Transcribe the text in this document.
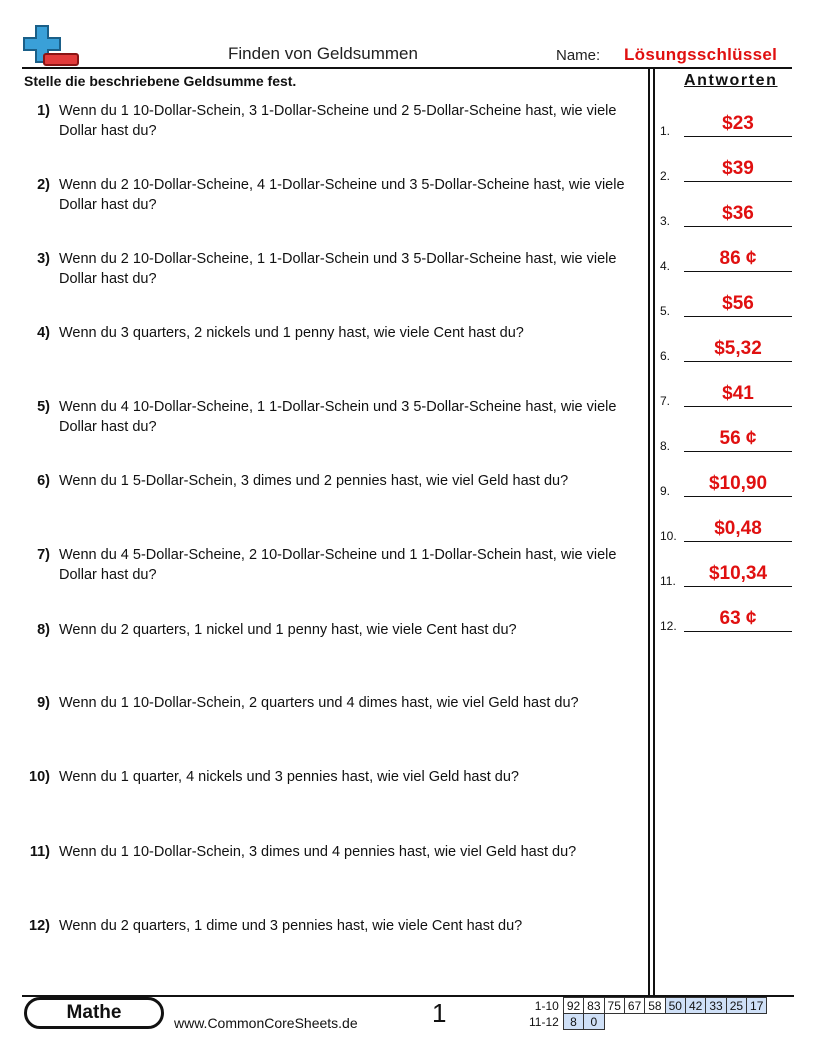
Finden von Geldsummen	Name: Lösungsschlüssel
Stelle die beschriebene Geldsumme fest.	Antworten
1) Wenn du 1 10-Dollar-Schein, 3 1-Dollar-Scheine und 2 5-Dollar-Scheine hast, wie viele Dollar hast du?
2) Wenn du 2 10-Dollar-Scheine, 4 1-Dollar-Scheine und 3 5-Dollar-Scheine hast, wie viele Dollar hast du?
3) Wenn du 2 10-Dollar-Scheine, 1 1-Dollar-Schein und 3 5-Dollar-Scheine hast, wie viele Dollar hast du?
4) Wenn du 3 quarters, 2 nickels und 1 penny hast, wie viele Cent hast du?
5) Wenn du 4 10-Dollar-Scheine, 1 1-Dollar-Schein und 3 5-Dollar-Scheine hast, wie viele Dollar hast du?
6) Wenn du 1 5-Dollar-Schein, 3 dimes und 2 pennies hast, wie viel Geld hast du?
7) Wenn du 4 5-Dollar-Scheine, 2 10-Dollar-Scheine und 1 1-Dollar-Schein hast, wie viele Dollar hast du?
8) Wenn du 2 quarters, 1 nickel und 1 penny hast, wie viele Cent hast du?
9) Wenn du 1 10-Dollar-Schein, 2 quarters und 4 dimes hast, wie viel Geld hast du?
10) Wenn du 1 quarter, 4 nickels und 3 pennies hast, wie viel Geld hast du?
11) Wenn du 1 10-Dollar-Schein, 3 dimes und 4 pennies hast, wie viel Geld hast du?
12) Wenn du 2 quarters, 1 dime und 3 pennies hast, wie viele Cent hast du?
1.	$23
2.	$39
3.	$36
4.	86 ¢
5.	$56
6.	$5,32
7.	$41
8.	56 ¢
9.	$10,90
10.	$0,48
11.	$10,34
12.	63 ¢
Mathe	www.CommonCoreSheets.de	1	1-10	92	83	75	67	58	50	42	33	25	17
11-12	8	0								
